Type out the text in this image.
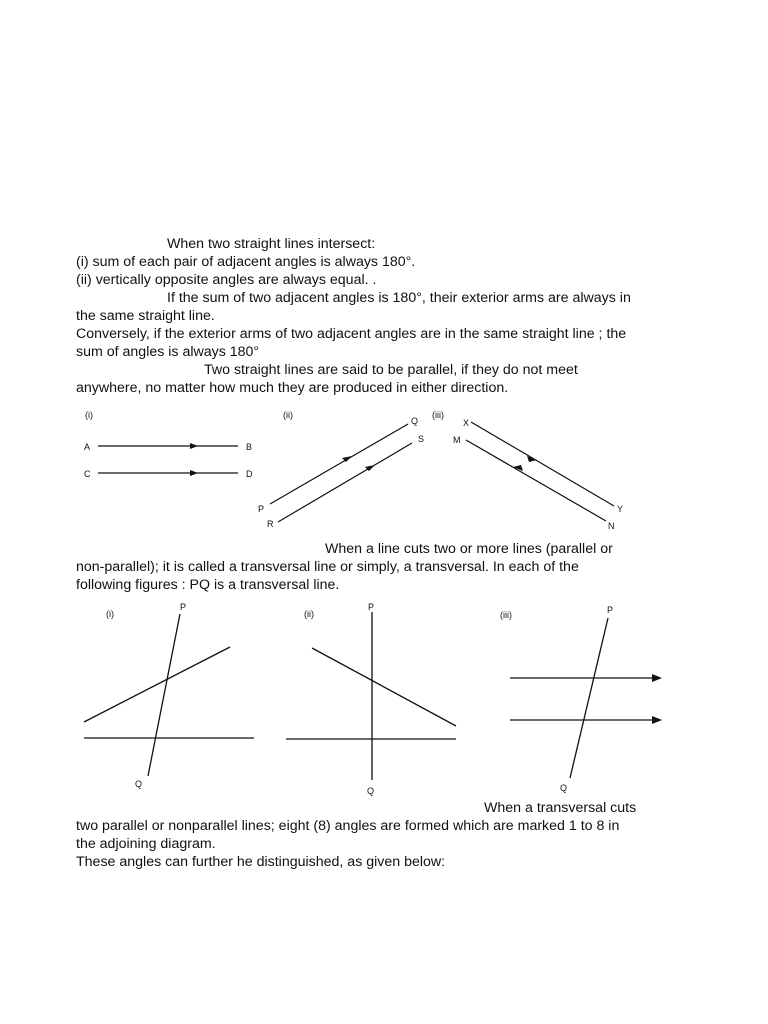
When two straight lines intersect:

(i) sum of each pair of adjacent angles is always 180°.

(ii) vertically opposite angles are always equal. .

If the sum of two adjacent angles is 180°, their exterior arms are always in

the same straight line.

Conversely, if the exterior arms of two adjacent angles are in the same straight line ; the

sum of angles is always 180°

Two straight lines are said to be parallel, if they do not meet

anywhere, no matter how much they are produced in either direction.

(i)
A	B
C	D
(ii)
P
Q
R
S
(iii)
X
M
Y
N

When a line cuts two or more lines (parallel or

non-parallel); it is called a transversal line or simply, a transversal. In each of the

following figures : PQ is a transversal line.

(i)
P
Q
(ii)
P
Q
(iii)	P
Q

When a transversal cuts

two parallel or nonparallel lines; eight (8) angles are formed which are marked 1 to 8 in

the adjoining diagram.

These angles can further he distinguished, as given below:
